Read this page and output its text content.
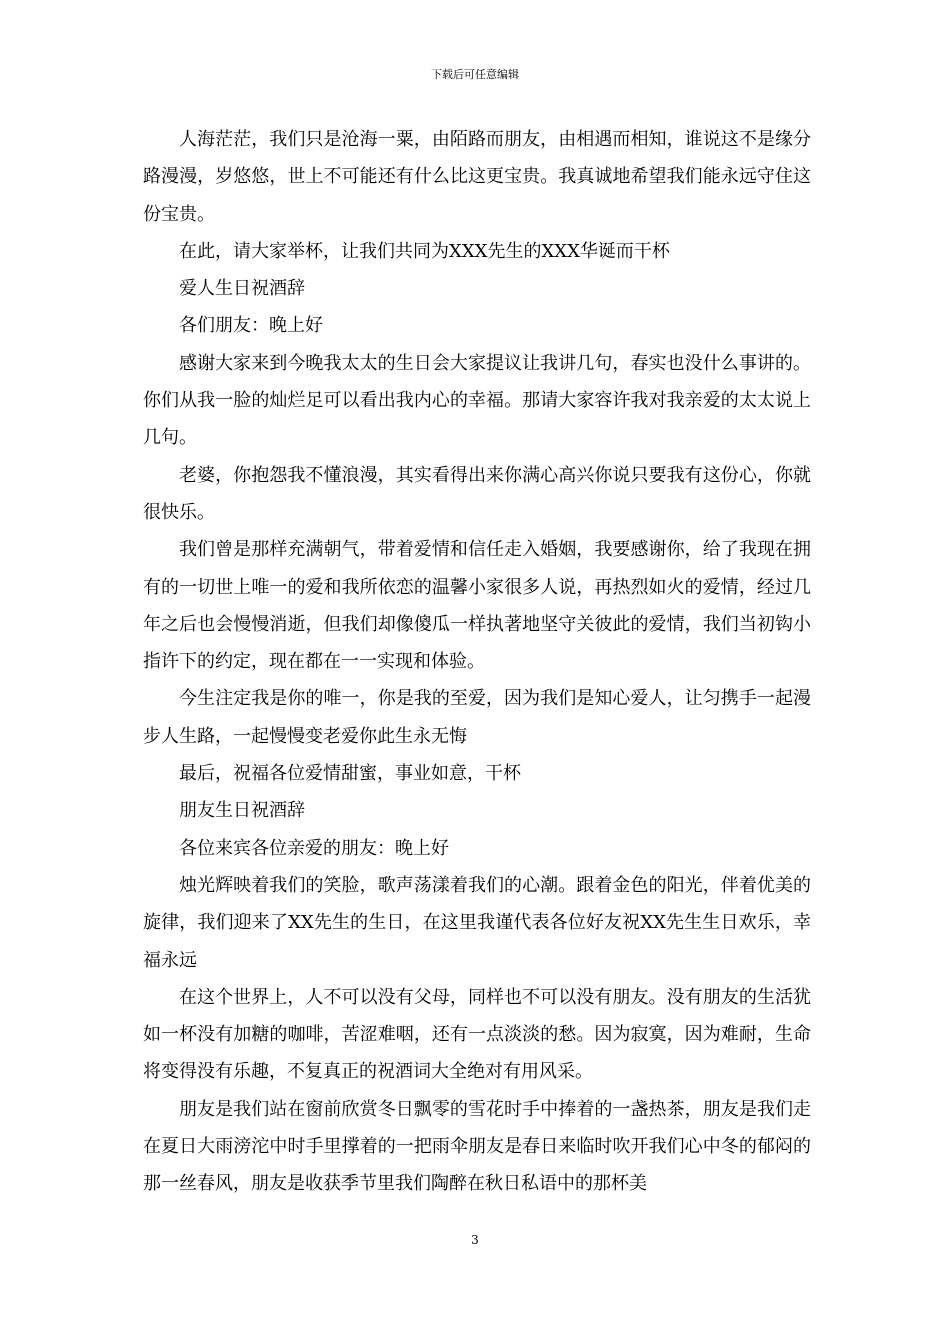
下载后可任意编辑

人海茫茫，我们只是沧海一粟，由陌路而朋友，由相遇而相知，谁说这不是缘分路漫漫，岁悠悠，世上不可能还有什么比这更宝贵。我真诚地希望我们能永远守住这份宝贵。

在此，请大家举杯，让我们共同为XXX先生的XXX华诞而干杯

爱人生日祝酒辞

各们朋友：晚上好

感谢大家来到今晚我太太的生日会大家提议让我讲几句，春实也没什么事讲的。你们从我一脸的灿烂足可以看出我内心的幸福。那请大家容许我对我亲爱的太太说上几句。

老婆，你抱怨我不懂浪漫，其实看得出来你满心高兴你说只要我有这份心，你就很快乐。

我们曾是那样充满朝气，带着爱情和信任走入婚姻，我要感谢你，给了我现在拥有的一切世上唯一的爱和我所依恋的温馨小家很多人说，再热烈如火的爱情，经过几年之后也会慢慢消逝，但我们却像傻瓜一样执著地坚守关彼此的爱情，我们当初钩小指许下的约定，现在都在一一实现和体验。

今生注定我是你的唯一，你是我的至爱，因为我们是知心爱人，让匀携手一起漫步人生路，一起慢慢变老爱你此生永无悔

最后，祝福各位爱情甜蜜，事业如意，干杯

朋友生日祝酒辞

各位来宾各位亲爱的朋友：晚上好

烛光辉映着我们的笑脸，歌声荡漾着我们的心潮。跟着金色的阳光，伴着优美的旋律，我们迎来了XX先生的生日，在这里我谨代表各位好友祝XX先生生日欢乐，幸福永远

在这个世界上，人不可以没有父母，同样也不可以没有朋友。没有朋友的生活犹如一杯没有加糖的咖啡，苦涩难咽，还有一点淡淡的愁。因为寂寞，因为难耐，生命将变得没有乐趣，不复真正的祝酒词大全绝对有用风采。

朋友是我们站在窗前欣赏冬日飘零的雪花时手中捧着的一盏热茶，朋友是我们走在夏日大雨滂沱中时手里撑着的一把雨伞朋友是春日来临时吹开我们心中冬的郁闷的那一丝春风，朋友是收获季节里我们陶醉在秋日私语中的那杯美

3
